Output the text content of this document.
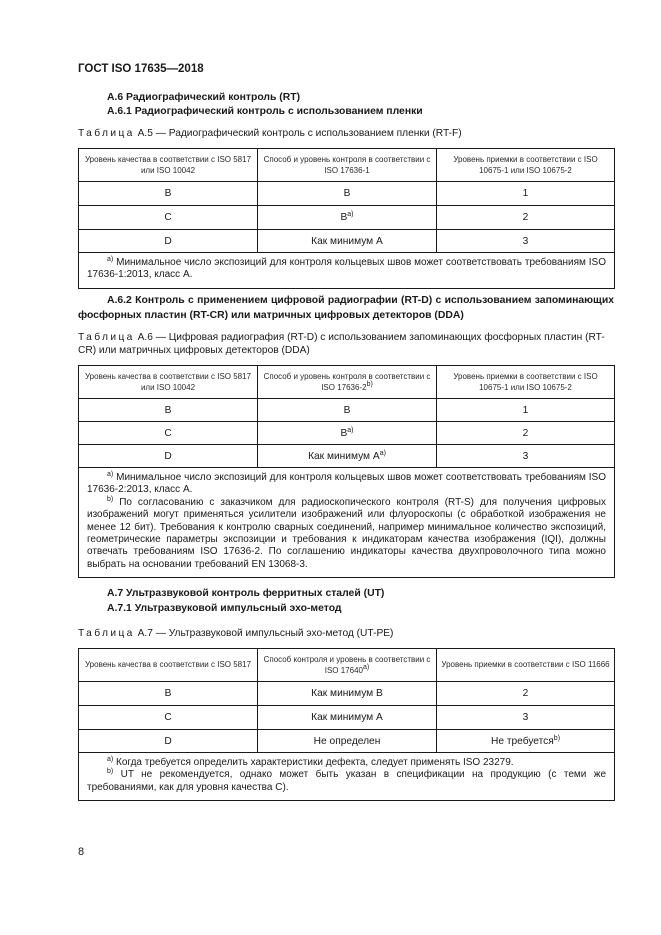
ГОСТ ISO 17635—2018
А.6 Радиографический контроль (RT)
А.6.1 Радиографический контроль с использованием пленки
Таблица А.5 — Радиографический контроль с использованием пленки (RT-F)
Уровень качества в соответствии с ISO 5817 или ISO 10042	Способ и уровень контроля в соответствии с ISO 17636-1	Уровень приемки в соответствии с ISO 10675-1 или ISO 10675-2
B	B	1
C	$B^{a)}$	2
D	Как минимум А	3

$^{a)}$ Минимальное число экспозиций для контроля кольцевых швов может соответствовать требованиям ISO 17636-1:2013, класс А.		

А.6.2 Контроль с применением цифровой радиографии (RT-D) с использованием запоминающих фосфорных пластин (RT-CR) или матричных цифровых детекторов (DDA)
Таблица А.6 — Цифровая радиография (RT-D) с использованием запоминающих фосфорных пластин (RT-CR) или матричных цифровых детекторов (DDA)
Уровень качества в соответствии с ISO 5817 или ISO 10042	Способ и уровень контроля в соответствии с ISO 17636-2$^{b)}$	Уровень приемки в соответствии с ISO 10675-1 или ISO 10675-2
B	B	1
C	$B^{a)}$	2
D	Как минимум $А^{a)}$	3

$^{a)}$ Минимальное число экспозиций для контроля кольцевых швов может соответствовать требованиям ISO 17636-2:2013, класс А.

$^{b)}$ По согласованию с заказчиком для радиоскопического контроля (RT-S) для получения цифровых изображений могут применяться усилители изображений или флуороскопы (с обработкой изображения не менее 12 бит). Требования к контролю сварных соединений, например минимальное количество экспозиций, геометрические параметры экспозиции и требования к индикаторам качества изображения (IQI), должны отвечать требованиям ISO 17636-2. По соглашению индикаторы качества двухпроволочного типа можно выбрать на основании требований EN 13068-3.		

А.7 Ультразвуковой контроль ферритных сталей (UT)
А.7.1 Ультразвуковой импульсный эхо-метод
Таблица А.7 — Ультразвуковой импульсный эхо-метод (UT-PE)
Уровень качества в соответствии с ISO 5817	Способ контроля и уровень в соответствии с ISO 17640$^{a)}$	Уровень приемки в соответствии с ISO 11666
B	Как минимум В	2
C	Как минимум А	3
D	Не определен	Не требуется$^{b)}$

$^{a)}$ Когда требуется определить характеристики дефекта, следует применять ISO 23279.

$^{b)}$ UT не рекомендуется, однако может быть указан в спецификации на продукцию (с теми же требованиями, как для уровня качества С).		

8
